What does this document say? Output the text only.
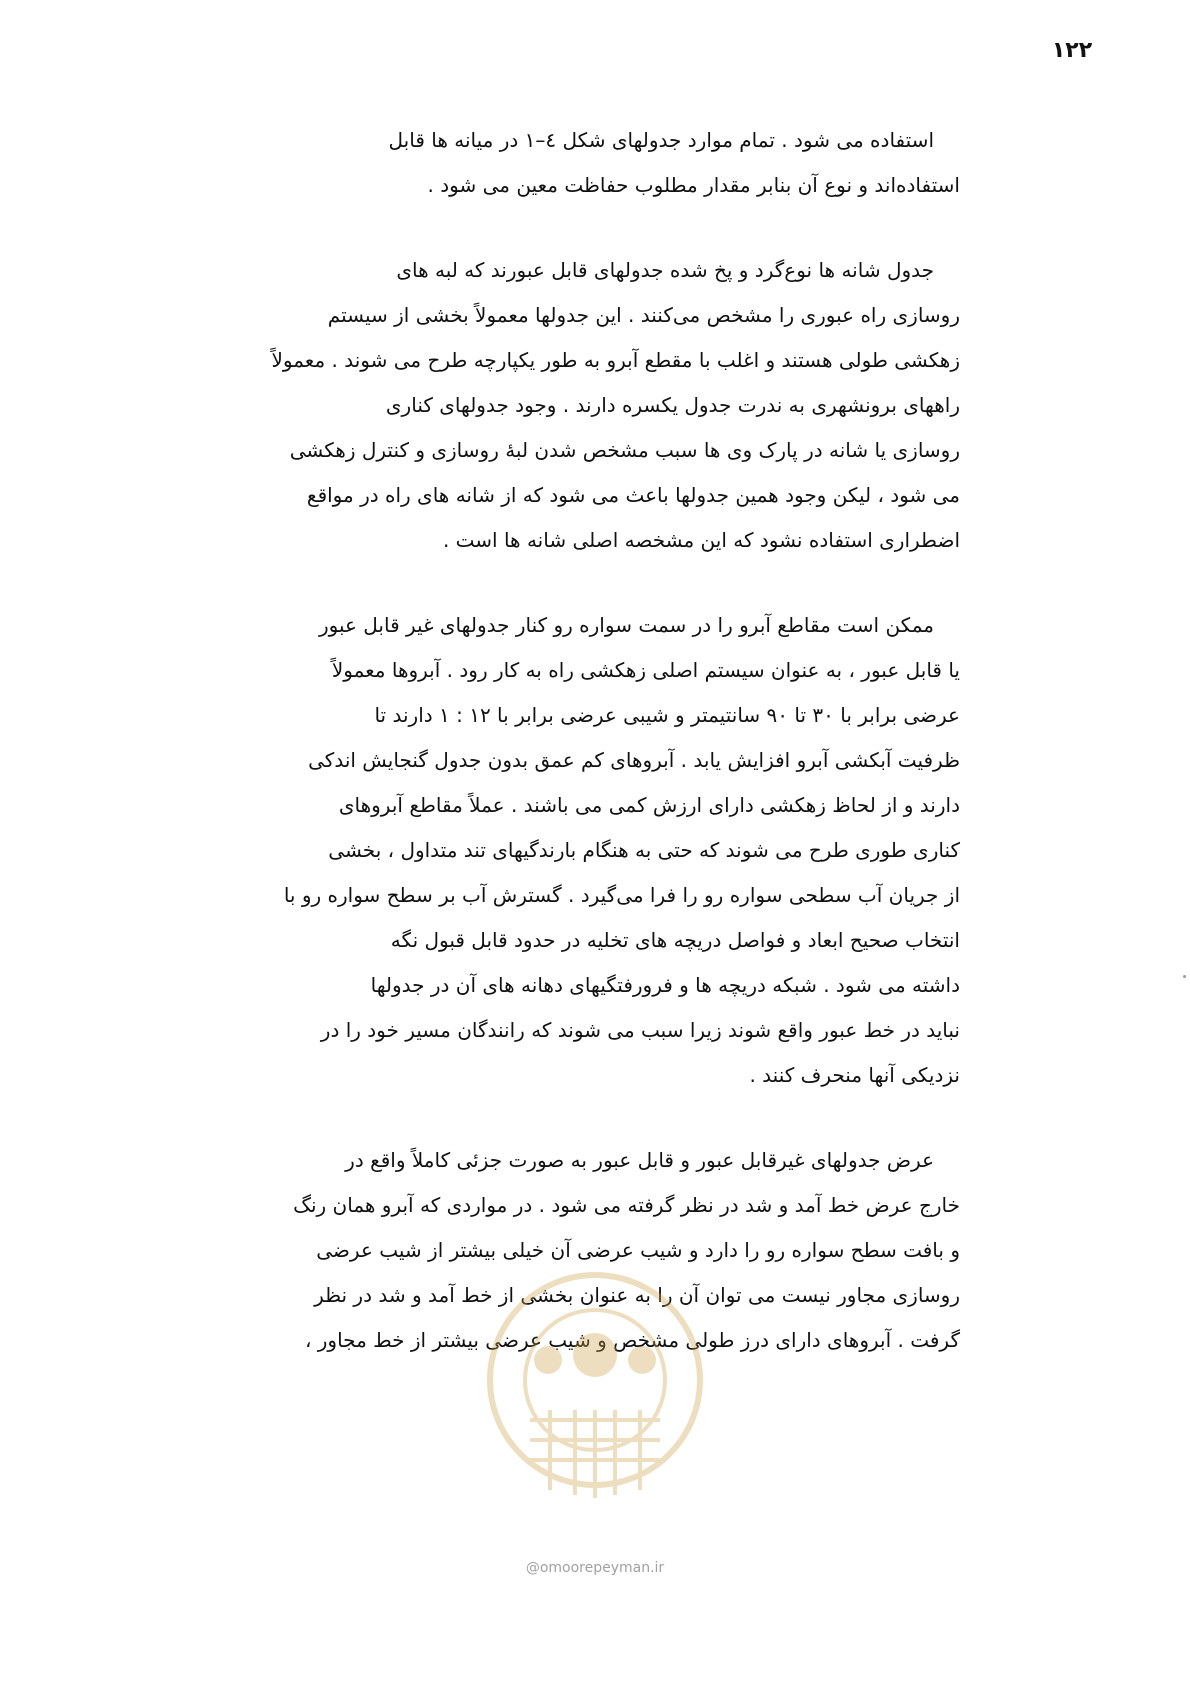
۱۲۲

استفاده می شود . تمام موارد جدولهای شکل ٤–١ در میانه ها قابل
استفاده‌اند و نوع آن بنابر مقدار مطلوب حفاظت معین می شود .

جدول شانه ها نوع‌گرد و پخ شده جدولهای قابل عبورند که لبه های
روسازی راه عبوری را مشخص می‌کنند . این جدولها معمولاً بخشی از سیستم
زهکشی طولی هستند و اغلب با مقطع آبرو به طور یکپارچه طرح می شوند . معمولاً
راههای برونشهری به ندرت جدول یکسره دارند . وجود جدولهای کناری
روسازی یا شانه در پارک وی ها سبب مشخص شدن لبهٔ روسازی و کنترل زهکشی
می شود ، لیکن وجود همین جدولها باعث می شود که از شانه های راه در مواقع
اضطراری استفاده نشود که این مشخصه اصلی شانه ها است .

ممکن است مقاطع آبرو را در سمت سواره رو کنار جدولهای غیر قابل عبور
یا قابل عبور ، به عنوان سیستم اصلی زهکشی راه به کار رود . آبروها معمولاً
عرضی برابر با ۳۰ تا ۹۰ سانتیمتر و شیبی عرضی برابر با ۱۲ : ۱ دارند تا
ظرفیت آبکشی آبرو افزایش یابد . آبروهای کم عمق بدون جدول گنجایش اندکی
دارند و از لحاظ زهکشی دارای ارزش کمی می باشند . عملاً مقاطع آبروهای
کناری طوری طرح می شوند که حتی به هنگام بارندگیهای تند متداول ، بخشی
از جریان آب سطحی سواره رو را فرا می‌گیرد . گسترش آب بر سطح سواره رو با
انتخاب صحیح ابعاد و فواصل دریچه های تخلیه در حدود قابل قبول نگه
داشته می شود . شبکه دریچه ها و فرورفتگیهای دهانه های آن در جدولها
نباید در خط عبور واقع شوند زیرا سبب می شوند که رانندگان مسیر خود را در
نزدیکی آنها منحرف کنند .

عرض جدولهای غیرقابل عبور و قابل عبور به صورت جزئی کاملاً واقع در
خارج عرض خط آمد و شد در نظر گرفته می شود . در مواردی که آبرو همان رنگ
و بافت سطح سواره رو را دارد و شیب عرضی آن خیلی بیشتر از شیب عرضی
روسازی مجاور نیست می توان آن را به عنوان بخشی از خط آمد و شد در نظر
گرفت . آبروهای دارای درز طولی مشخص و شیب عرضی بیشتر از خط مجاور ،

@omoorepeyman.ir
